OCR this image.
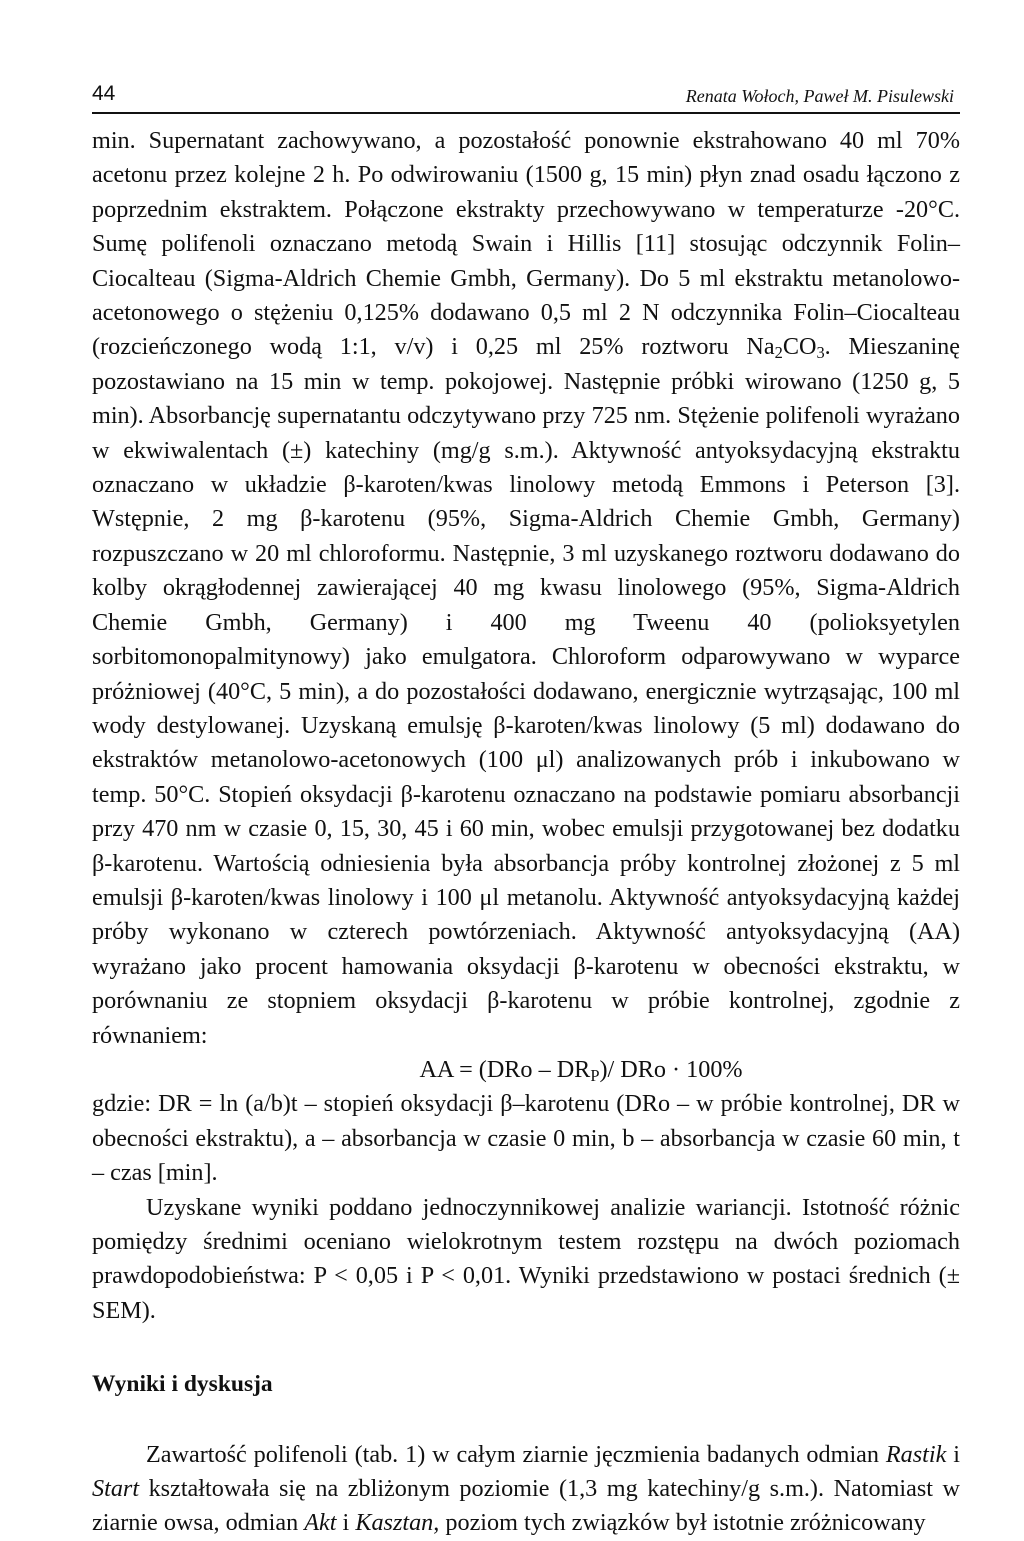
44	Renata Wołoch, Paweł M. Pisulewski

min. Supernatant zachowywano, a pozostałość ponownie ekstrahowano 40 ml 70% acetonu przez kolejne 2 h. Po odwirowaniu (1500 g, 15 min) płyn znad osadu łączono z poprzednim ekstraktem. Połączone ekstrakty przechowywano w temperaturze -20°C. Sumę polifenoli oznaczano metodą Swain i Hillis [11] stosując odczynnik Folin–Ciocalteau (Sigma-Aldrich Chemie Gmbh, Germany). Do 5 ml ekstraktu metanolowo-acetonowego o stężeniu 0,125% dodawano 0,5 ml 2 N odczynnika Folin–Ciocalteau (rozcieńczonego wodą 1:1, v/v) i 0,25 ml 25% roztworu $Na_2CO_3$. Mieszaninę pozostawiano na 15 min w temp. pokojowej. Następnie próbki wirowano (1250 g, 5 min). Absorbancję supernatantu odczytywano przy 725 nm. Stężenie polifenoli wyrażano w ekwiwalentach (±) katechiny (mg/g s.m.). Aktywność antyoksydacyjną ekstraktu oznaczano w układzie β-karoten/kwas linolowy metodą Emmons i Peterson [3]. Wstępnie, 2 mg β-karotenu (95%, Sigma-Aldrich Chemie Gmbh, Germany) rozpuszczano w 20 ml chloroformu. Następnie, 3 ml uzyskanego roztworu dodawano do kolby okrągłodennej zawierającej 40 mg kwasu linolowego (95%, Sigma-Aldrich Chemie Gmbh, Germany) i 400 mg Tweenu 40 (polioksyetylen sorbitomonopalmitynowy) jako emulgatora. Chloroform odparowywano w wyparce próżniowej (40°C, 5 min), a do pozostałości dodawano, energicznie wytrząsając, 100 ml wody destylowanej. Uzyskaną emulsję β-karoten/kwas linolowy (5 ml) dodawano do ekstraktów metanolowo-acetonowych (100 μl) analizowanych prób i inkubowano w temp. 50°C. Stopień oksydacji β-karotenu oznaczano na podstawie pomiaru absorbancji przy 470 nm w czasie 0, 15, 30, 45 i 60 min, wobec emulsji przygotowanej bez dodatku β-karotenu. Wartością odniesienia była absorbancja próby kontrolnej złożonej z 5 ml emulsji β-karoten/kwas linolowy i 100 μl metanolu. Aktywność antyoksydacyjną każdej próby wykonano w czterech powtórzeniach. Aktywność antyoksydacyjną (AA) wyrażano jako procent hamowania oksydacji β-karotenu w obecności ekstraktu, w porównaniu ze stopniem oksydacji β-karotenu w próbie kontrolnej, zgodnie z równaniem:

AA = $(DRo - DR_P)/$ DRo · 100%

gdzie: DR = ln (a/b)t – stopień oksydacji β–karotenu (DRo – w próbie kontrolnej, DR w obecności ekstraktu), a – absorbancja w czasie 0 min, b – absorbancja w czasie 60 min, t – czas [min].

Uzyskane wyniki poddano jednoczynnikowej analizie wariancji. Istotność różnic pomiędzy średnimi oceniano wielokrotnym testem rozstępu na dwóch poziomach prawdopodobieństwa: P < 0,05 i P < 0,01. Wyniki przedstawiono w postaci średnich (± SEM).

Wyniki i dyskusja

Zawartość polifenoli (tab. 1) w całym ziarnie jęczmienia badanych odmian Rastik i Start kształtowała się na zbliżonym poziomie (1,3 mg katechiny/g s.m.). Natomiast w ziarnie owsa, odmian Akt i Kasztan, poziom tych związków był istotnie zróżnicowany
